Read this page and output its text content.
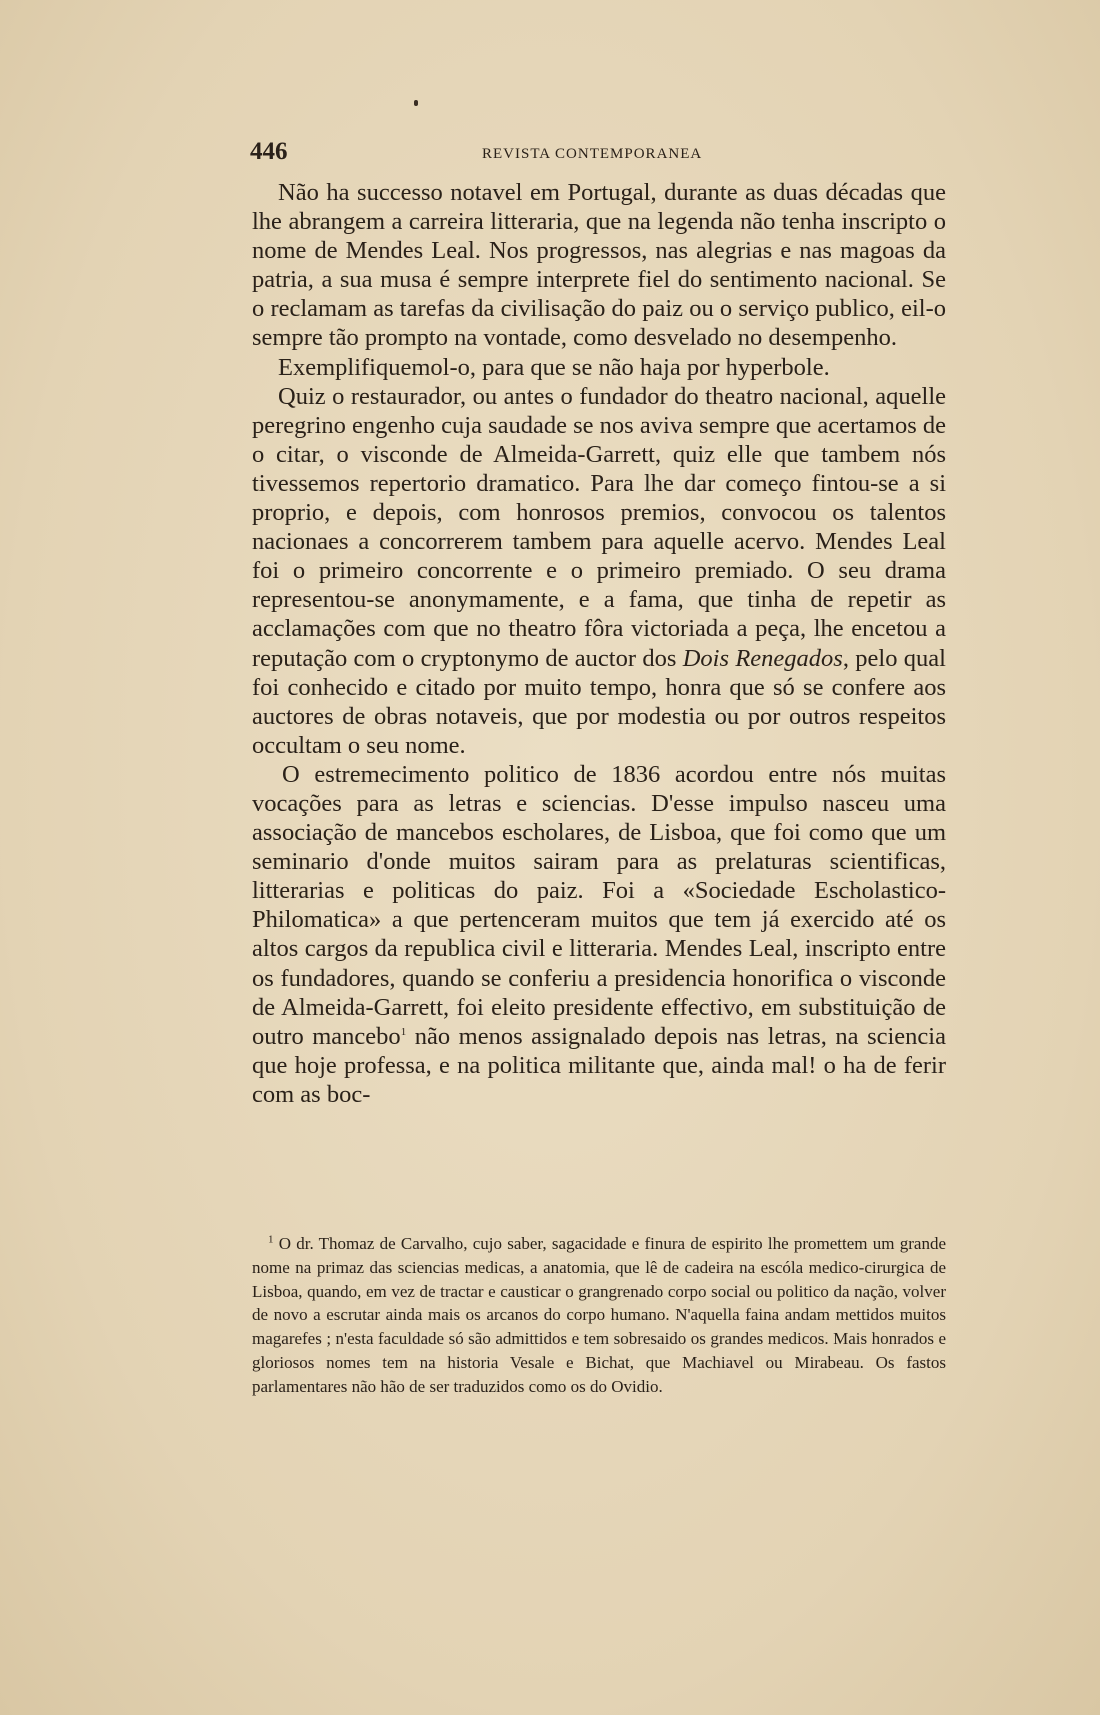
446	REVISTA CONTEMPORANEA

Não ha successo notavel em Portugal, durante as duas décadas que lhe abrangem a carreira litteraria, que na legenda não tenha inscripto o nome de Mendes Leal. Nos progressos, nas alegrias e nas magoas da patria, a sua musa é sempre interprete fiel do sentimento nacional. Se o reclamam as tarefas da civilisação do paiz ou o serviço publico, eil-o sempre tão prompto na vontade, como desvelado no desempenho.

Exemplifiquemol-o, para que se não haja por hyperbole.

Quiz o restaurador, ou antes o fundador do theatro nacional, aquelle peregrino engenho cuja saudade se nos aviva sempre que acertamos de o citar, o visconde de Almeida-Garrett, quiz elle que tambem nós tivessemos repertorio dramatico. Para lhe dar começo fintou-se a si proprio, e depois, com honrosos premios, convocou os talentos nacionaes a concorrerem tambem para aquelle acervo. Mendes Leal foi o primeiro concorrente e o primeiro premiado. O seu drama representou-se anonymamente, e a fama, que tinha de repetir as acclamações com que no theatro fôra victoriada a peça, lhe encetou a reputação com o cryptonymo de auctor dos Dois Renegados, pelo qual foi conhecido e citado por muito tempo, honra que só se confere aos auctores de obras notaveis, que por modestia ou por outros respeitos occultam o seu nome.

O estremecimento politico de 1836 acordou entre nós muitas vocações para as letras e sciencias. D'esse impulso nasceu uma associação de mancebos escholares, de Lisboa, que foi como que um seminario d'onde muitos sairam para as prelaturas scientificas, litterarias e politicas do paiz. Foi a «Sociedade Escholastico-Philomatica» a que pertenceram muitos que tem já exercido até os altos cargos da republica civil e litteraria. Mendes Leal, inscripto entre os fundadores, quando se conferiu a presidencia honorifica o visconde de Almeida-Garrett, foi eleito presidente effectivo, em substituição de outro mancebo$^1$ não menos assignalado depois nas letras, na sciencia que hoje professa, e na politica militante que, ainda mal! o ha de ferir com as boc-

$^1$ O dr. Thomaz de Carvalho, cujo saber, sagacidade e finura de espirito lhe promettem um grande nome na primaz das sciencias medicas, a anatomia, que lê de cadeira na escóla medico-cirurgica de Lisboa, quando, em vez de tractar e causticar o grangrenado corpo social ou politico da nação, volver de novo a escrutar ainda mais os arcanos do corpo humano. N'aquella faina andam mettidos muitos magarefes ; n'esta faculdade só são admittidos e tem sobresaido os grandes medicos. Mais honrados e gloriosos nomes tem na historia Vesale e Bichat, que Machiavel ou Mirabeau. Os fastos parlamentares não hão de ser traduzidos como os do Ovidio.
